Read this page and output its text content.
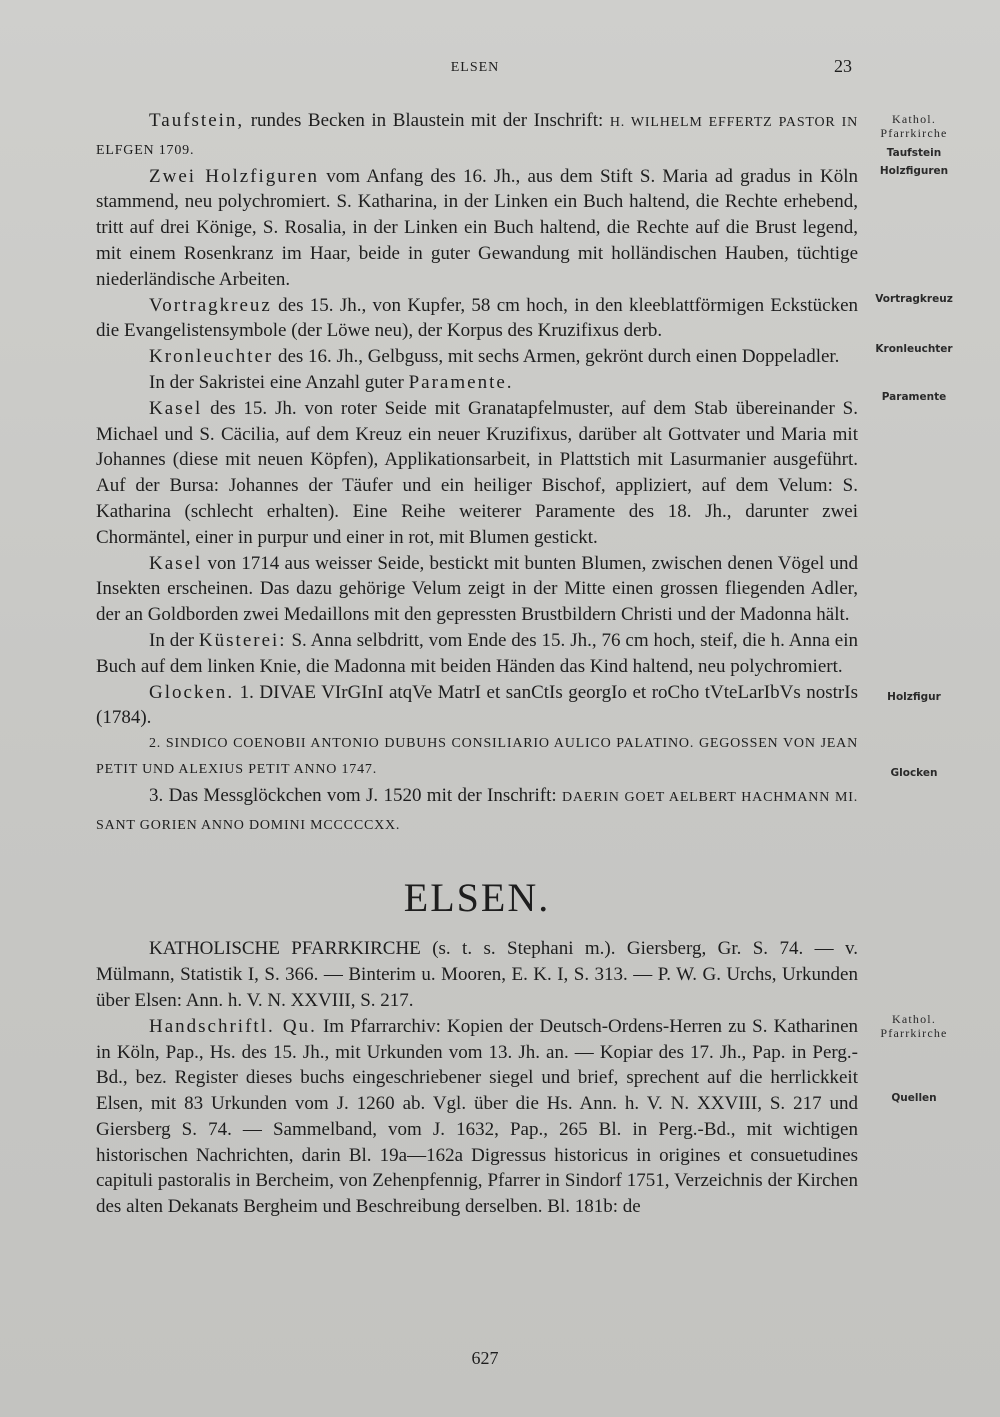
ELSEN	23

Taufstein, rundes Becken in Blaustein mit der Inschrift: H. WILHELM EFFERTZ PASTOR IN ELFGEN 1709.

Zwei Holzfiguren vom Anfang des 16. Jh., aus dem Stift S. Maria ad gradus in Köln stammend, neu polychromiert. S. Katharina, in der Linken ein Buch haltend, die Rechte erhebend, tritt auf drei Könige, S. Rosalia, in der Linken ein Buch haltend, die Rechte auf die Brust legend, mit einem Rosenkranz im Haar, beide in guter Gewandung mit holländischen Hauben, tüchtige niederländische Arbeiten.

Vortragkreuz des 15. Jh., von Kupfer, 58 cm hoch, in den kleeblattförmigen Eckstücken die Evangelistensymbole (der Löwe neu), der Korpus des Kruzifixus derb.

Kronleuchter des 16. Jh., Gelbguss, mit sechs Armen, gekrönt durch einen Doppeladler.

In der Sakristei eine Anzahl guter Paramente.

Kasel des 15. Jh. von roter Seide mit Granatapfelmuster, auf dem Stab übereinander S. Michael und S. Cäcilia, auf dem Kreuz ein neuer Kruzifixus, darüber alt Gottvater und Maria mit Johannes (diese mit neuen Köpfen), Applikationsarbeit, in Plattstich mit Lasurmanier ausgeführt. Auf der Bursa: Johannes der Täufer und ein heiliger Bischof, appliziert, auf dem Velum: S. Katharina (schlecht erhalten). Eine Reihe weiterer Paramente des 18. Jh., darunter zwei Chormäntel, einer in purpur und einer in rot, mit Blumen gestickt.

Kasel von 1714 aus weisser Seide, bestickt mit bunten Blumen, zwischen denen Vögel und Insekten erscheinen. Das dazu gehörige Velum zeigt in der Mitte einen grossen fliegenden Adler, der an Goldborden zwei Medaillons mit den gepressten Brustbildern Christi und der Madonna hält.

In der Küsterei: S. Anna selbdritt, vom Ende des 15. Jh., 76 cm hoch, steif, die h. Anna ein Buch auf dem linken Knie, die Madonna mit beiden Händen das Kind haltend, neu polychromiert.

Glocken. 1. DIVAE VIrGInI atqVe MatrI et sanCtIs georgIo et roCho tVteLarIbVs nostrIs (1784).

2. SINDICO COENOBII ANTONIO DUBUHS CONSILIARIO AULICO PALATINO. GEGOSSEN VON JEAN PETIT UND ALEXIUS PETIT ANNO 1747.

3. Das Messglöckchen vom J. 1520 mit der Inschrift: DAERIN GOET AELBERT HACHMANN MI. SANT GORIEN ANNO DOMINI MCCCCCXX.

ELSEN.

KATHOLISCHE PFARRKIRCHE (s. t. s. Stephani m.). Giersberg, Gr. S. 74. — v. Mülmann, Statistik I, S. 366. — Binterim u. Mooren, E. K. I, S. 313. — P. W. G. Urchs, Urkunden über Elsen: Ann. h. V. N. XXVIII, S. 217.

Handschriftl. Qu. Im Pfarrarchiv: Kopien der Deutsch-Ordens-Herren zu S. Katharinen in Köln, Pap., Hs. des 15. Jh., mit Urkunden vom 13. Jh. an. — Kopiar des 17. Jh., Pap. in Perg.-Bd., bez. Register dieses buchs eingeschriebener siegel und brief, sprechent auf die herrlickkeit Elsen, mit 83 Urkunden vom J. 1260 ab. Vgl. über die Hs. Ann. h. V. N. XXVIII, S. 217 und Giersberg S. 74. — Sammelband, vom J. 1632, Pap., 265 Bl. in Perg.-Bd., mit wichtigen historischen Nachrichten, darin Bl. 19a—162a Digressus historicus in origines et consuetudines capituli pastoralis in Bercheim, von Zehenpfennig, Pfarrer in Sindorf 1751, Verzeichnis der Kirchen des alten Dekanats Bergheim und Beschreibung derselben. Bl. 181b: de

Kathol.
Pfarrkirche
Taufstein
Holzfiguren
Vortragkreuz
Kronleuchter
Paramente
Holzfigur
Glocken
Kathol.
Pfarrkirche
Quellen
627
